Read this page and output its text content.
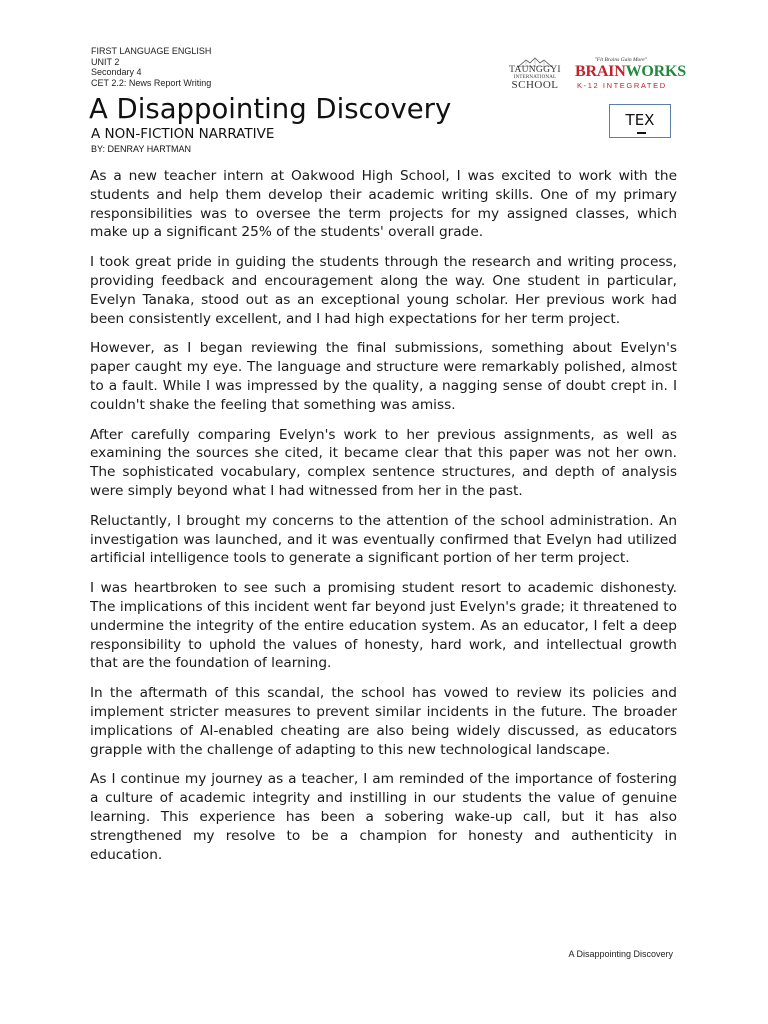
FIRST LANGUAGE ENGLISH
UNIT 2
Secondary 4
CET 2.2: News Report Writing
TAUNGGYI
INTERNATIONAL
SCHOOL
"Fit Brains Gain More"
BRAINWORKS
K-12 INTEGRATED
A Disappointing Discovery
A NON-FICTION NARRATIVE
BY: DENRAY HARTMAN
TEX

As a new teacher intern at Oakwood High School, I was excited to work with the students and help them develop their academic writing skills. One of my primary responsibilities was to oversee the term projects for my assigned classes, which make up a significant 25% of the students' overall grade.

I took great pride in guiding the students through the research and writing process, providing feedback and encouragement along the way. One student in particular, Evelyn Tanaka, stood out as an exceptional young scholar. Her previous work had been consistently excellent, and I had high expectations for her term project.

However, as I began reviewing the final submissions, something about Evelyn's paper caught my eye. The language and structure were remarkably polished, almost to a fault. While I was impressed by the quality, a nagging sense of doubt crept in. I couldn't shake the feeling that something was amiss.

After carefully comparing Evelyn's work to her previous assignments, as well as examining the sources she cited, it became clear that this paper was not her own. The sophisticated vocabulary, complex sentence structures, and depth of analysis were simply beyond what I had witnessed from her in the past.

Reluctantly, I brought my concerns to the attention of the school administration. An investigation was launched, and it was eventually confirmed that Evelyn had utilized artificial intelligence tools to generate a significant portion of her term project.

I was heartbroken to see such a promising student resort to academic dishonesty. The implications of this incident went far beyond just Evelyn's grade; it threatened to undermine the integrity of the entire education system. As an educator, I felt a deep responsibility to uphold the values of honesty, hard work, and intellectual growth that are the foundation of learning.

In the aftermath of this scandal, the school has vowed to review its policies and implement stricter measures to prevent similar incidents in the future. The broader implications of AI-enabled cheating are also being widely discussed, as educators grapple with the challenge of adapting to this new technological landscape.

As I continue my journey as a teacher, I am reminded of the importance of fostering a culture of academic integrity and instilling in our students the value of genuine learning. This experience has been a sobering wake-up call, but it has also strengthened my resolve to be a champion for honesty and authenticity in education.

A Disappointing Discovery
